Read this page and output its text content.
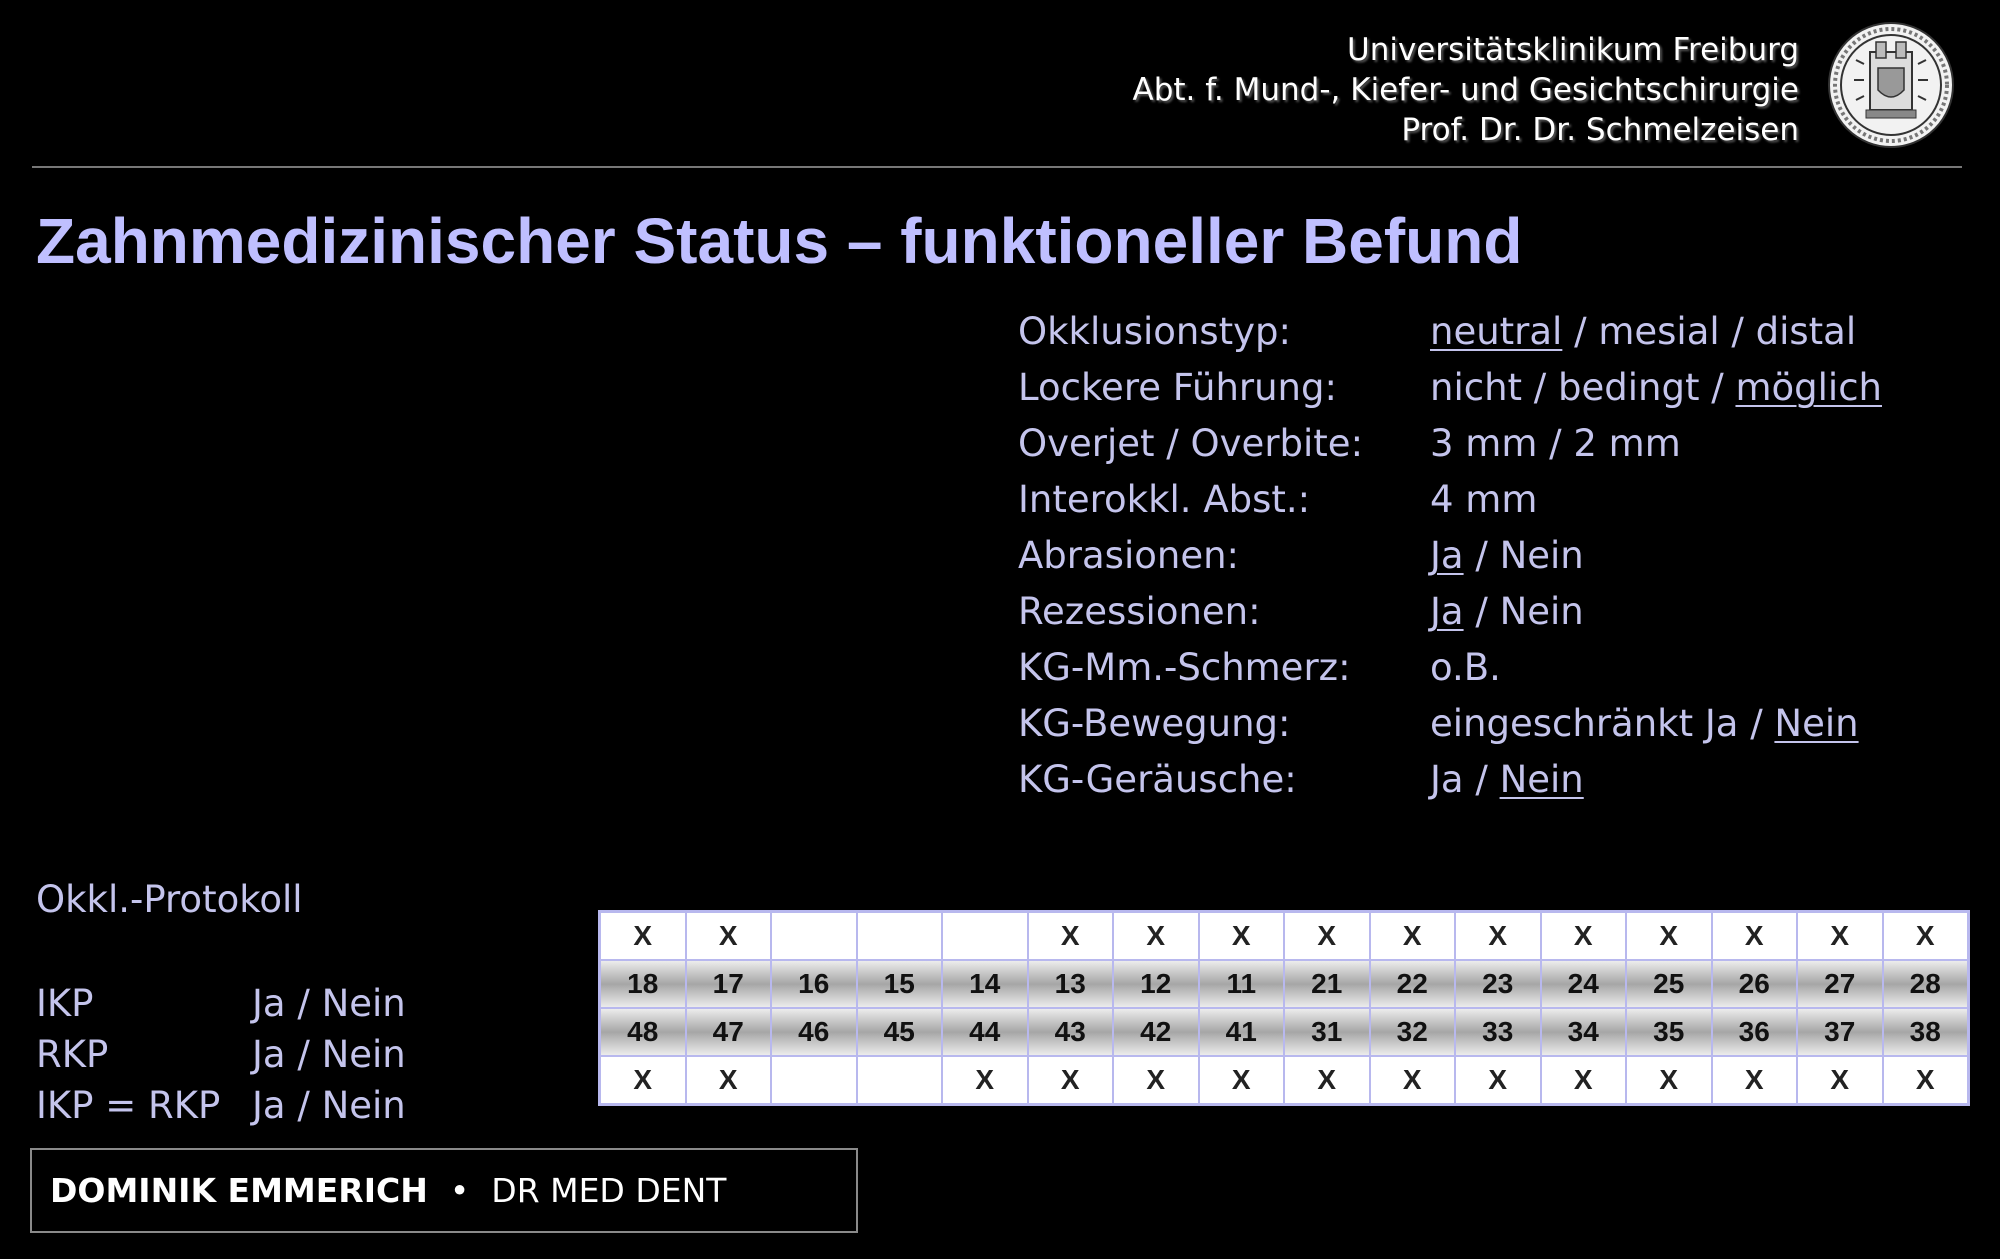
Universitätsklinikum Freiburg
Abt. f. Mund-, Kiefer- und Gesichtschirurgie
Prof. Dr. Dr. Schmelzeisen
Zahnmedizinischer Status – funktioneller Befund
Okklusionstyp:	neutral / mesial / distal
Lockere Führung:	nicht / bedingt / möglich
Overjet / Overbite:	3 mm / 2 mm
Interokkl. Abst.:	4 mm
Abrasionen:	Ja / Nein
Rezessionen:	Ja / Nein
KG-Mm.-Schmerz:	o.B.
KG-Bewegung:	eingeschränkt Ja / Nein
KG-Geräusche:	Ja / Nein
Okkl.-Protokoll
IKP	Ja / Nein
RKP	Ja / Nein
IKP = RKP Ja / Nein
X	X				X	X	X	X	X	X	X	X	X	X	X
18	17	16	15	14	13	12	11	21	22	23	24	25	26	27	28
48	47	46	45	44	43	42	41	31	32	33	34	35	36	37	38
X	X			X	X	X	X	X	X	X	X	X	X	X	X
DOMINIK EMMERICH • DR MED DENT
